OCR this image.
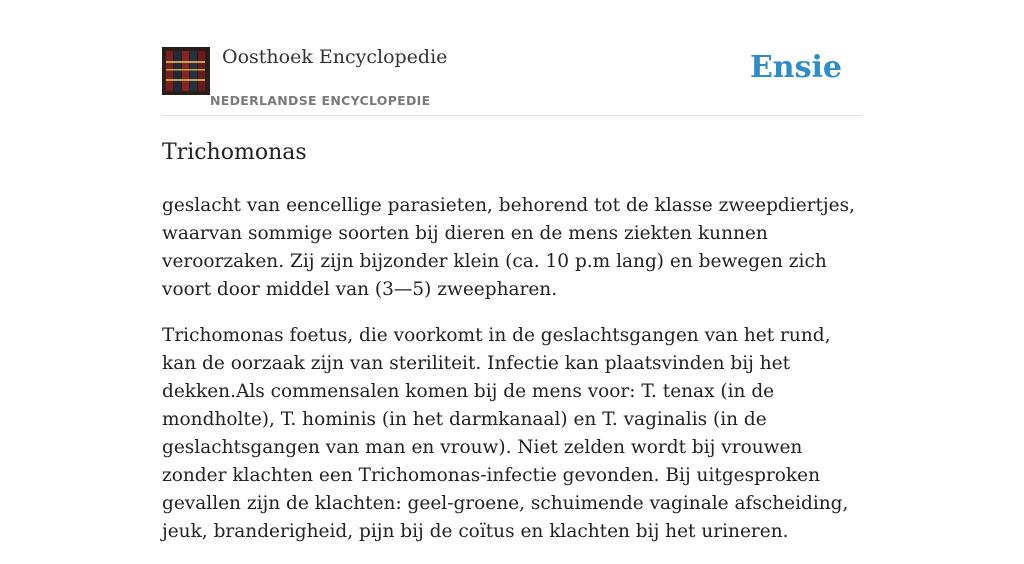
Oosthoek Encyclopedie
NEDERLANDSE ENCYCLOPEDIE
Ensie
Trichomonas

geslacht van eencellige parasieten, behorend tot de klasse zweepdiertjes, waarvan sommige soorten bij dieren en de mens ziekten kunnen veroorzaken. Zij zijn bijzonder klein (ca. 10 p.m lang) en bewegen zich voort door middel van (3—5) zweepharen.

Trichomonas foetus, die voorkomt in de geslachtsgangen van het rund, kan de oorzaak zijn van steriliteit. Infectie kan plaatsvinden bij het dekken.Als commensalen komen bij de mens voor: T. tenax (in de mondholte), T. hominis (in het darmkanaal) en T. vaginalis (in de geslachtsgangen van man en vrouw). Niet zelden wordt bij vrouwen zonder klachten een Trichomonas-infectie gevonden. Bij uitgesproken gevallen zijn de klachten: geel-groene, schuimende vaginale afscheiding, jeuk, branderigheid, pijn bij de coïtus en klachten bij het urineren.
